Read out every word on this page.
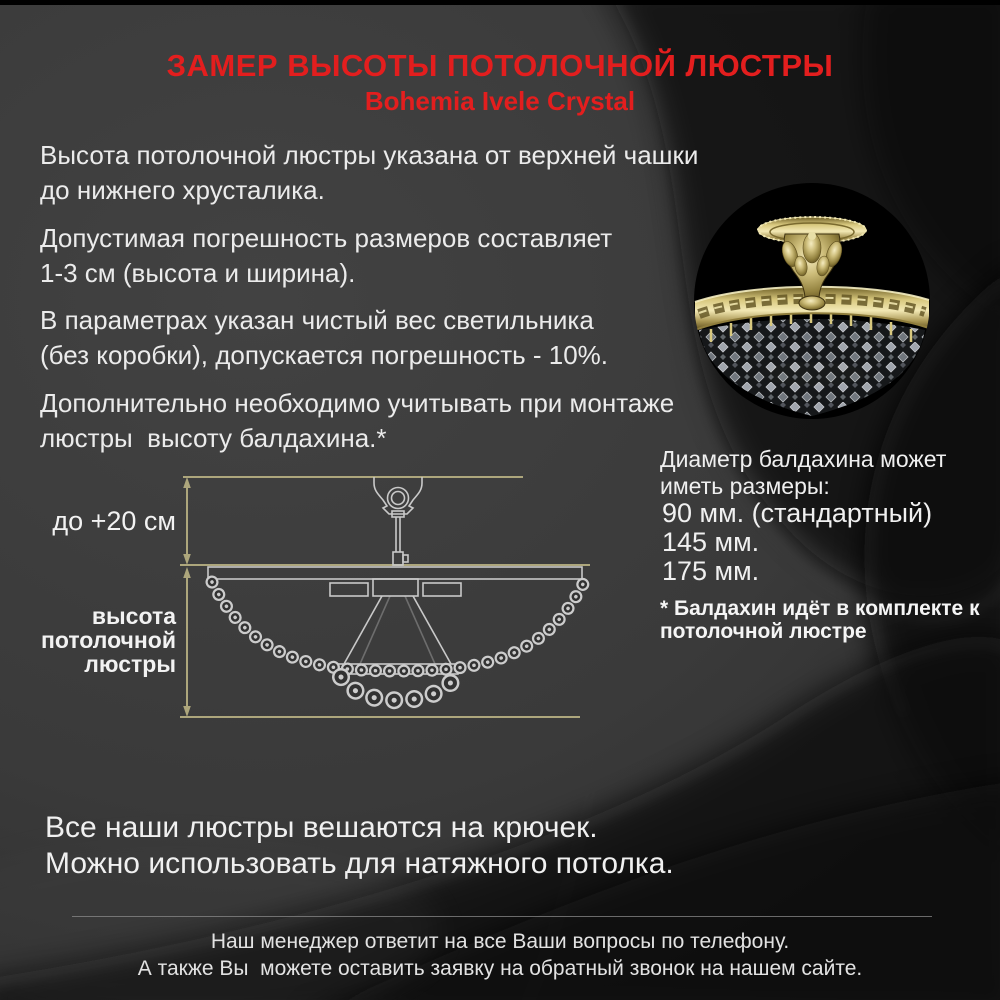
ЗАМЕР ВЫСОТЫ ПОТОЛОЧНОЙ ЛЮСТРЫ
Bohemia Ivele Crystal
Высота потолочной люстры указана от верхней чашки
до нижнего хрусталика.
Допустимая погрешность размеров составляет
1-3 см (высота и ширина).
В параметрах указан чистый вес светильника
(без коробки), допускается погрешность - 10%.
Дополнительно необходимо учитывать при монтаже
люстры  высоту балдахина.*
до +20 см
высота
потолочной
люстры
Диаметр балдахина может
иметь размеры:
90 мм. (стандартный)
145 мм.
175 мм.
* Балдахин идёт в комплекте к
потолочной люстре
Все наши люстры вешаются на крючек.
Можно использовать для натяжного потолка.
Наш менеджер ответит на все Ваши вопросы по телефону.
А также Вы  можете оставить заявку на обратный звонок на нашем сайте.
